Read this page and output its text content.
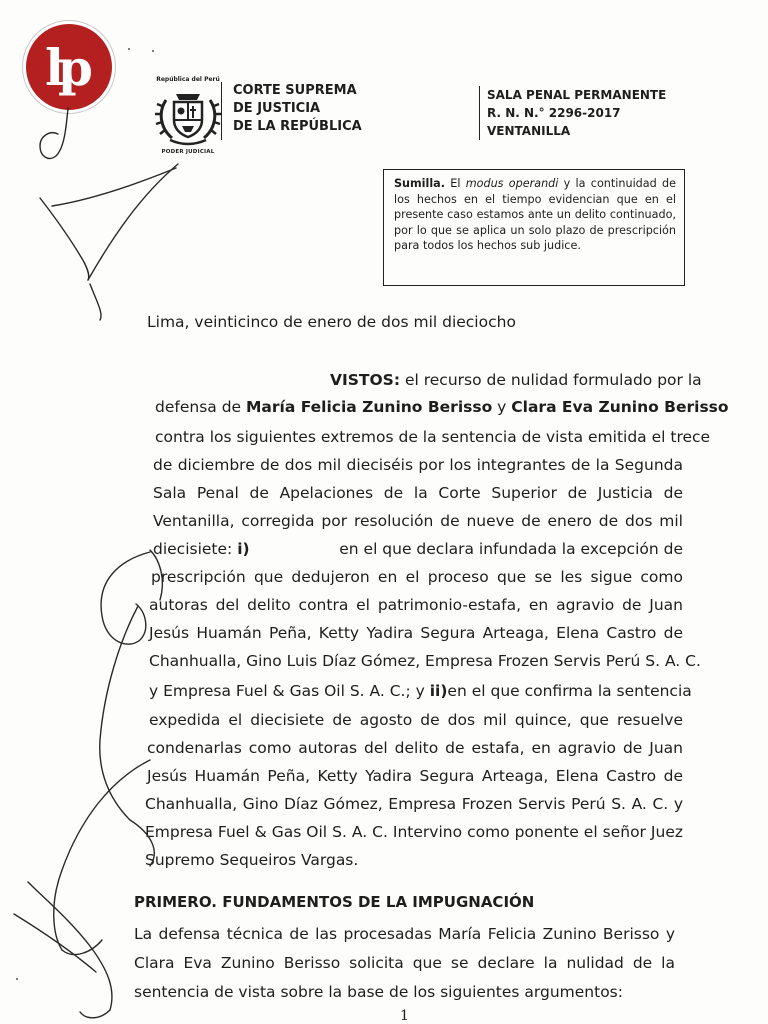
lp	República del Perú
PODER JUDICIAL
CORTE SUPREMA
DE JUSTICIA
DE LA REPÚBLICA
SALA PENAL PERMANENTE
R. N. N.° 2296-2017
VENTANILLA
Sumilla. El modus operandi y la continuidad de los hechos en el tiempo evidencian que en el presente caso estamos ante un delito continuado, por lo que se aplica un solo plazo de prescripción para todos los hechos sub judice.
Lima, veinticinco de enero de dos mil dieciocho
VISTOS: el recurso de nulidad formulado por la
defensa de María Felicia Zunino Berisso y Clara Eva Zunino Berisso
contra los siguientes extremos de la sentencia de vista emitida el trece
de diciembre de dos mil dieciséis por los integrantes de la Segunda
Sala Penal de Apelaciones de la Corte Superior de Justicia de
Ventanilla, corregida por resolución de nueve de enero de dos mil
diecisiete: i)	en el que declara infundada la excepción de
prescripción que dedujeron en el proceso que se les sigue como
autoras del delito contra el patrimonio-estafa, en agravio de Juan
Jesús Huamán Peña, Ketty Yadira Segura Arteaga, Elena Castro de
Chanhualla, Gino Luis Díaz Gómez, Empresa Frozen Servis Perú S. A. C.
y Empresa Fuel & Gas Oil S. A. C.; y ii) en el que confirma la sentencia
expedida el diecisiete de agosto de dos mil quince, que resuelve
condenarlas como autoras del delito de estafa, en agravio de Juan
Jesús Huamán Peña, Ketty Yadira Segura Arteaga, Elena Castro de
Chanhualla, Gino Díaz Gómez, Empresa Frozen Servis Perú S. A. C. y
Empresa Fuel & Gas Oil S. A. C. Intervino como ponente el señor Juez
Supremo Sequeiros Vargas.
PRIMERO. FUNDAMENTOS DE LA IMPUGNACIÓN
La defensa técnica de las procesadas María Felicia Zunino Berisso y
Clara Eva Zunino Berisso solicita que se declare la nulidad de la
sentencia de vista sobre la base de los siguientes argumentos:
1
